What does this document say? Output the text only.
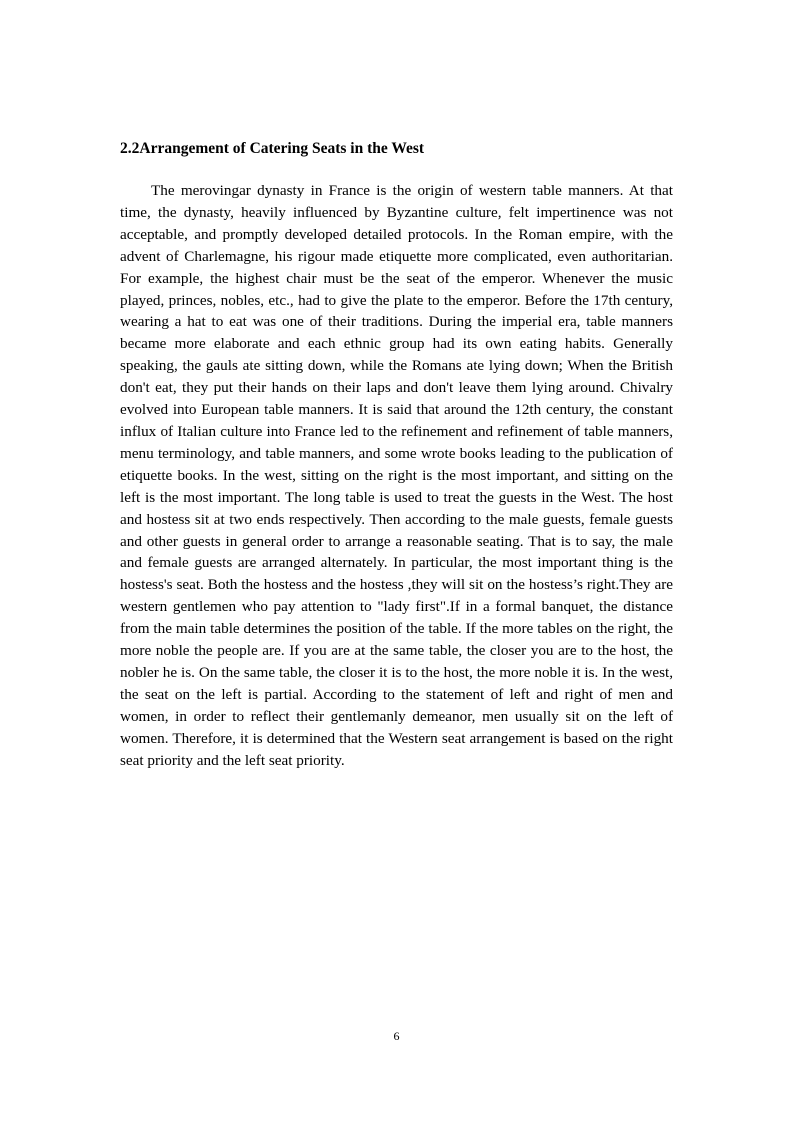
2.2Arrangement of Catering Seats in the West

The merovingar dynasty in France is the origin of western table manners. At that time, the dynasty, heavily influenced by Byzantine culture, felt impertinence was not acceptable, and promptly developed detailed protocols. In the Roman empire, with the advent of Charlemagne, his rigour made etiquette more complicated, even authoritarian. For example, the highest chair must be the seat of the emperor. Whenever the music played, princes, nobles, etc., had to give the plate to the emperor. Before the 17th century, wearing a hat to eat was one of their traditions. During the imperial era, table manners became more elaborate and each ethnic group had its own eating habits. Generally speaking, the gauls ate sitting down, while the Romans ate lying down; When the British don't eat, they put their hands on their laps and don't leave them lying around. Chivalry evolved into European table manners. It is said that around the 12th century, the constant influx of Italian culture into France led to the refinement and refinement of table manners, menu terminology, and table manners, and some wrote books leading to the publication of etiquette books. In the west, sitting on the right is the most important, and sitting on the left is the most important. The long table is used to treat the guests in the West. The host and hostess sit at two ends respectively. Then according to the male guests, female guests and other guests in general order to arrange a reasonable seating. That is to say, the male and female guests are arranged alternately. In particular, the most important thing is the hostess's seat. Both the hostess and the hostess ,they will sit on the hostess’s right.They are western gentlemen who pay attention to "lady first".If in a formal banquet, the distance from the main table determines the position of the table. If the more tables on the right, the more noble the people are. If you are at the same table, the closer you are to the host, the nobler he is. On the same table, the closer it is to the host, the more noble it is. In the west, the seat on the left is partial. According to the statement of left and right of men and women, in order to reflect their gentlemanly demeanor, men usually sit on the left of women. Therefore, it is determined that the Western seat arrangement is based on the right seat priority and the left seat priority.

6
